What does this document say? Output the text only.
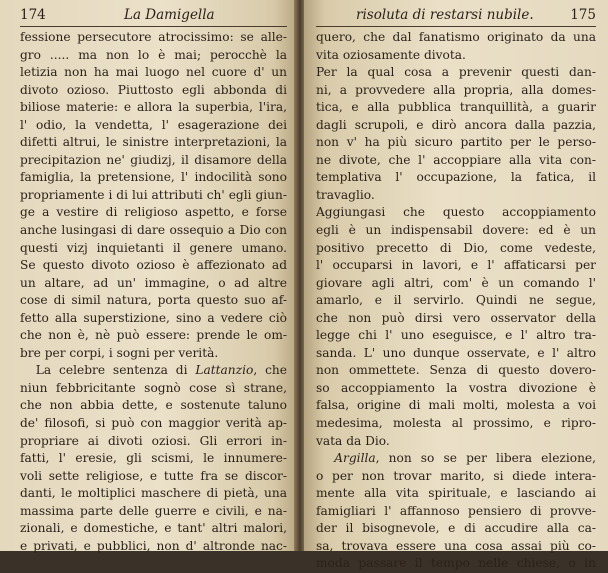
174	La Damigella
fessione persecutore atrocissimo: se alle-
gro ..... ma non lo è mai; perocchè la
letizia non ha mai luogo nel cuore d' un
divoto ozioso. Piuttosto egli abbonda di
biliose materie: e allora la superbia, l'ira,
l' odio, la vendetta, l' esagerazione dei
difetti altrui, le sinistre interpretazioni, la
precipitazion ne' giudizj, il disamore della
famiglia, la pretensione, l' indocilità sono
propriamente i di lui attributi ch' egli giun-
ge a vestire di religioso aspetto, e forse
anche lusingasi di dare ossequio a Dio con
questi vizj inquietanti il genere umano.
Se questo divoto ozioso è affezionato ad
un altare, ad un' immagine, o ad altre
cose di simil natura, porta questo suo af-
fetto alla superstizione, sino a vedere ciò
che non è, nè può essere: prende le om-
bre per corpi, i sogni per verità.
La celebre sentenza di Lattanzio, che
niun febbricitante sognò cose sì strane,
che non abbia dette, e sostenute taluno
de' filosofi, si può con maggior verità ap-
propriare ai divoti oziosi. Gli errori in-
fatti, l' eresie, gli scismi, le innumere-
voli sette religiose, e tutte fra se discor-
danti, le moltiplici maschere di pietà, una
massima parte delle guerre e civili, e na-
zionali, e domestiche, e tant' altri malori,
e privati, e pubblici, non d' altronde nac-
risoluta di restarsi nubile.	175
quero, che dal fanatismo originato da una
vita oziosamente divota.
Per la qual cosa a prevenir questi dan-
ni, a provvedere alla propria, alla domes-
tica, e alla pubblica tranquillità, a guarir
dagli scrupoli, e dirò ancora dalla pazzia,
non v' ha più sicuro partito per le perso-
ne divote, che l' accoppiare alla vita con-
templativa l' occupazione, la fatica, il
travaglio.
Aggiungasi che questo accoppiamento
egli è un indispensabil dovere: ed è un
positivo precetto di Dio, come vedeste,
l' occuparsi in lavori, e l' affaticarsi per
giovare agli altri, com' è un comando l'
amarlo, e il servirlo. Quindi ne segue,
che non può dirsi vero osservator della
legge chi l' uno eseguisce, e l' altro tra-
sanda. L' uno dunque osservate, e l' altro
non ommettete. Senza di questo dovero-
so accoppiamento la vostra divozione è
falsa, origine di mali molti, molesta a voi
medesima, molesta al prossimo, e ripro-
vata da Dio.
Argilla, non so se per libera elezione,
o per non trovar marito, si diede intera-
mente alla vita spirituale, e lasciando ai
famigliari l' affannoso pensiero di provve-
der il bisognevole, e di accudire alla ca-
sa, trovava essere una cosa assai più co-
moda passare il tempo nelle chiese, o in
